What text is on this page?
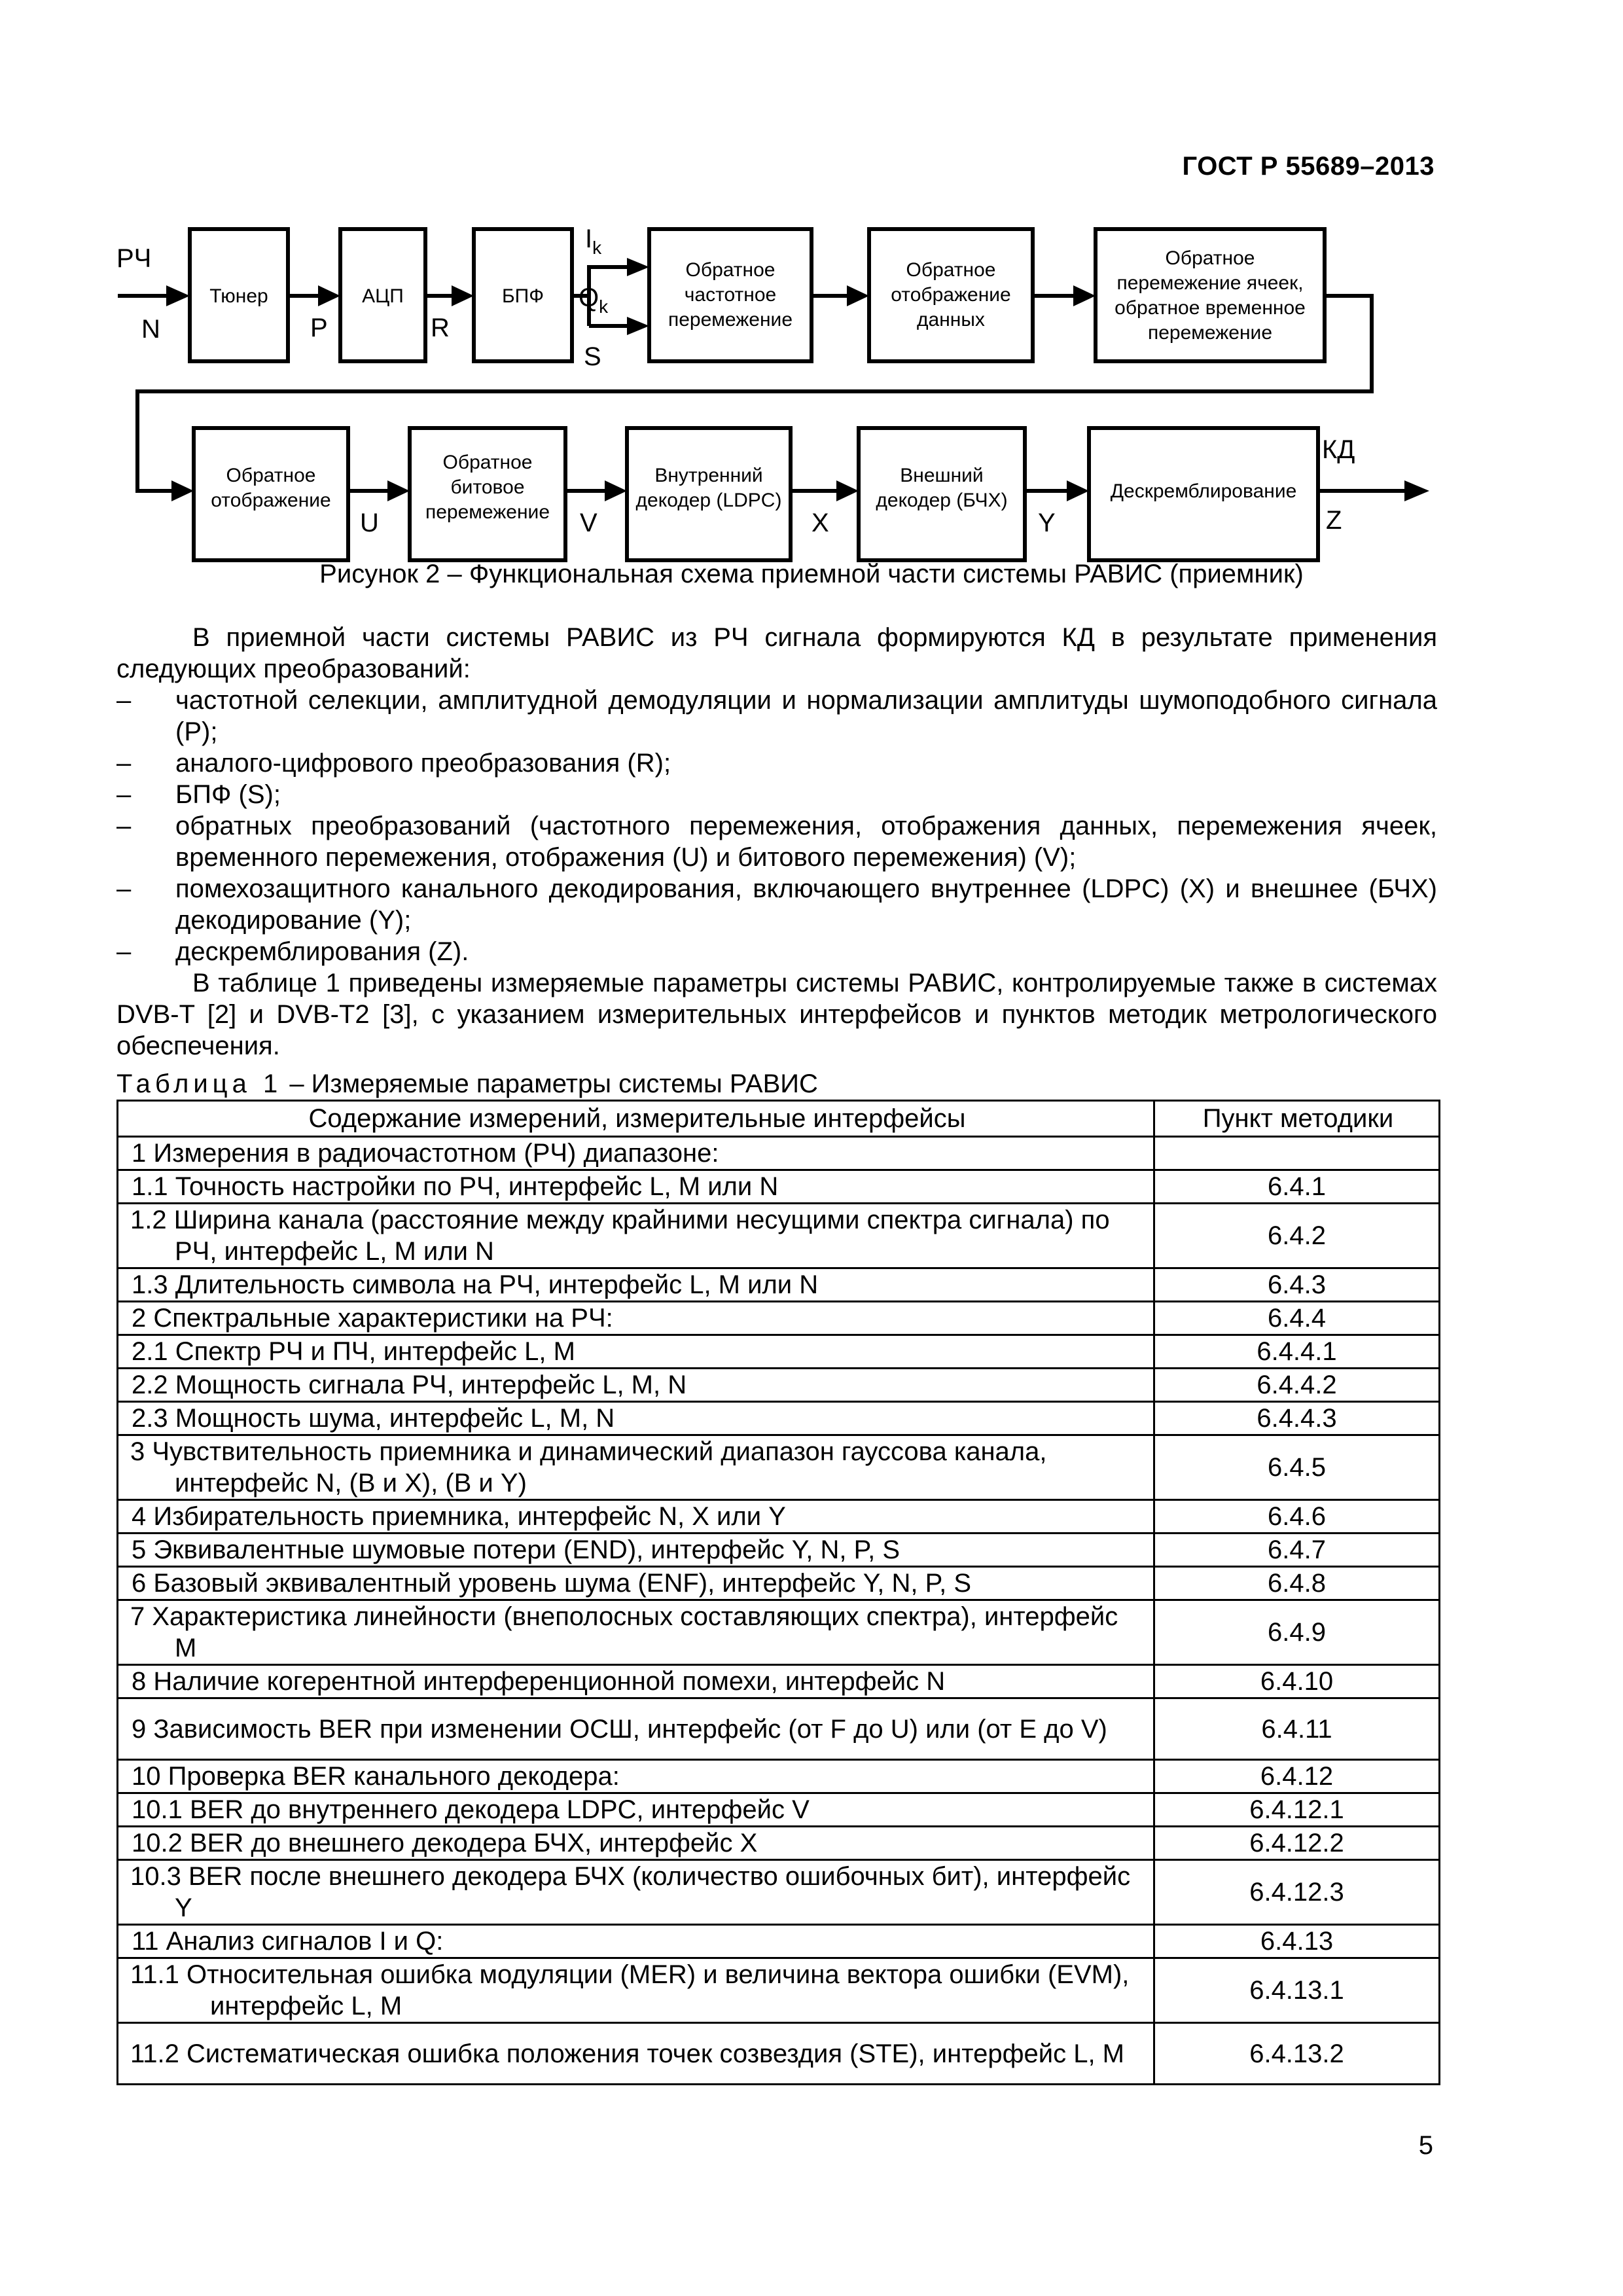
ГОСТ Р 55689–2013
Тюнер	АЦП	БПФ
Обратное
частотное
перемежение
Обратное
отображение
данных
Обратное
перемежение ячеек,
обратное временное
перемежение
Обратное
отображение
Обратное
битовое
перемежение
Внутренний
декодер (LDPC)
Внешний
декодер (БЧХ)	Дескремблирование
РЧ
N	P	R
$I_k$
$Q_k$
S
U	V	X	Y
КД
Z
Рисунок 2 – Функциональная схема приемной части системы РАВИС (приемник)

В приемной части системы РАВИС из РЧ сигнала формируются КД в результате применения следующих преобразований:

– частотной селекции, амплитудной демодуляции и нормализации амплитуды шумоподобного сигнала (P);
– аналого-цифрового преобразования (R);
– БПФ (S);
– обратных преобразований (частотного перемежения, отображения данных, перемежения ячеек, временного перемежения, отображения (U) и битового перемежения) (V);
– помехозащитного канального декодирования, включающего внутреннее (LDPC) (X) и внешнее (БЧХ) декодирование (Y);
– дескремблирования (Z).

В таблице 1 приведены измеряемые параметры системы РАВИС, контролируемые также в системах DVB-T [2] и DVB-T2 [3], с указанием измерительных интерфейсов и пунктов методик метрологического обеспечения.

Таблица 1 – Измеряемые параметры системы РАВИС
Содержание измерений, измерительные интерфейсы	Пункт методики
1 Измерения в радиочастотном (РЧ) диапазоне:	
1.1 Точность настройки по РЧ, интерфейс L, M или N	6.4.1
1.2 Ширина канала (расстояние между крайними несущими спектра сигнала) по РЧ, интерфейс L, M или N	6.4.2
1.3 Длительность символа на РЧ, интерфейс L, M или N	6.4.3
2 Спектральные характеристики на РЧ:	6.4.4
2.1 Спектр РЧ и ПЧ, интерфейс L, M	6.4.4.1
2.2 Мощность сигнала РЧ, интерфейс L, M, N	6.4.4.2
2.3 Мощность шума, интерфейс L, M, N	6.4.4.3
3 Чувствительность приемника и динамический диапазон гауссова канала, интерфейс N, (B и X), (B и Y)	6.4.5
4 Избирательность приемника, интерфейс N, X или Y	6.4.6
5 Эквивалентные шумовые потери (END), интерфейс Y, N, P, S	6.4.7
6 Базовый эквивалентный уровень шума (ENF), интерфейс Y, N, P, S	6.4.8
7 Характеристика линейности (внеполосных составляющих спектра), интерфейс M	6.4.9
8 Наличие когерентной интерференционной помехи, интерфейс N	6.4.10
9 Зависимость BER при изменении ОСШ, интерфейс (от F до U) или (от E до V)	6.4.11
10 Проверка BER канального декодера:	6.4.12
10.1 BER до внутреннего декодера LDPC, интерфейс V	6.4.12.1
10.2 BER до внешнего декодера БЧХ, интерфейс X	6.4.12.2
10.3 BER после внешнего декодера БЧХ (количество ошибочных бит), интерфейс Y	6.4.12.3
11 Анализ сигналов I и Q:	6.4.13
11.1 Относительная ошибка модуляции (MER) и величина вектора ошибки (EVM), интерфейс L, M	6.4.13.1
11.2 Систематическая ошибка положения точек созвездия (STE), интерфейс L, M	6.4.13.2
5
